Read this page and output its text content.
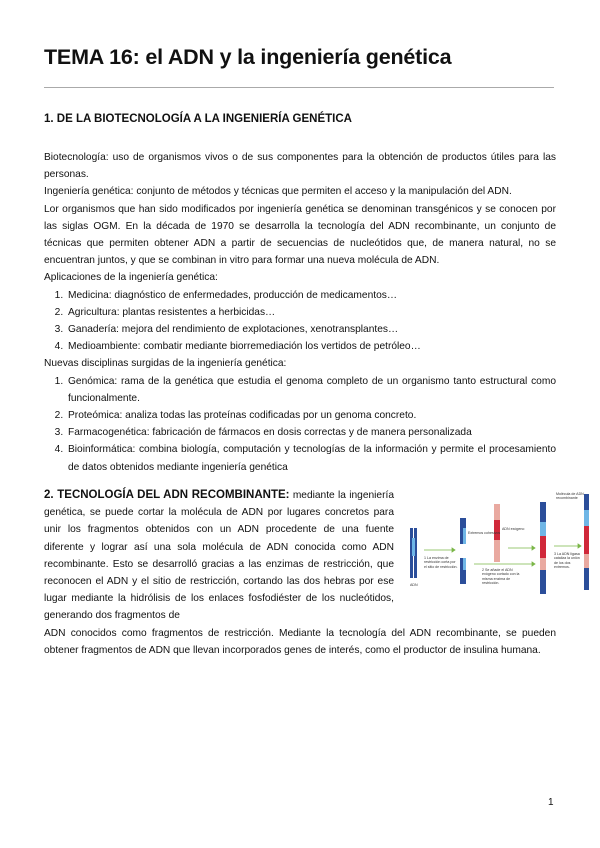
TEMA 16: el ADN y la ingeniería genética
1. DE LA BIOTECNOLOGÍA A LA INGENIERÍA GENÉTICA

Biotecnología: uso de organismos vivos o de sus componentes para la obtención de productos útiles para las personas.

Ingeniería genética: conjunto de métodos y técnicas que permiten el acceso y la manipulación del ADN.

Lor organismos que han sido modificados por ingeniería genética se denominan transgénicos y se conocen por las siglas OGM. En la década de 1970 se desarrolla la tecnología del ADN recombinante, un conjunto de técnicas que permiten obtener ADN a partir de secuencias de nucleótidos que, de manera natural, no se encuentran juntos, y que se combinan in vitro para formar una nueva molécula de ADN.

Aplicaciones de la ingeniería genética:

1. Medicina: diagnóstico de enfermedades, producción de medicamentos…
2. Agricultura: plantas resistentes a herbicidas…
3. Ganadería: mejora del rendimiento de explotaciones, xenotransplantes…
4. Medioambiente: combatir mediante biorremediación los vertidos de petróleo…

Nuevas disciplinas surgidas de la ingeniería genética:

1. Genómica: rama de la genética que estudia el genoma completo de un organismo tanto estructural como funcionalmente.
2. Proteómica: analiza todas las proteínas codificadas por un genoma concreto.
3. Farmacogenética: fabricación de fármacos en dosis correctas y de manera personalizada
4. Bioinformática: combina biología, computación y tecnologías de la información y permite el procesamiento de datos obtenidos mediante ingeniería genética
2. TECNOLOGÍA DEL ADN RECOMBINANTE: mediante la ingeniería genética, se puede cortar la molécula de ADN por lugares concretos para unir los fragmentos obtenidos con un ADN procedente de una fuente diferente y lograr así una sola molécula de ADN conocida como ADN recombinante. Esto se desarrolló gracias a las enzimas de restricción, que reconocen el ADN y el sitio de restricción, cortando las dos hebras por ese lugar mediante la hidrólisis de los enlaces fosfodiéster de los nucleótidos, generando dos fragmentos de
ADN conocidos como fragmentos de restricción. Mediante la tecnología del ADN recombinante, se pueden obtener fragmentos de ADN que llevan incorporados genes de interés, como el productor de insulina humana.
ADN
Extremos cohesivos
ADN exógeno
1 La enzima de restricción corta por el sitio de restricción.
2 Se añade el ADN exógeno cortado con la misma enzima de restricción.
3 La ADN ligasa cataliza la unión de los dos extremos.
Molécula de ADN recombinante
1
